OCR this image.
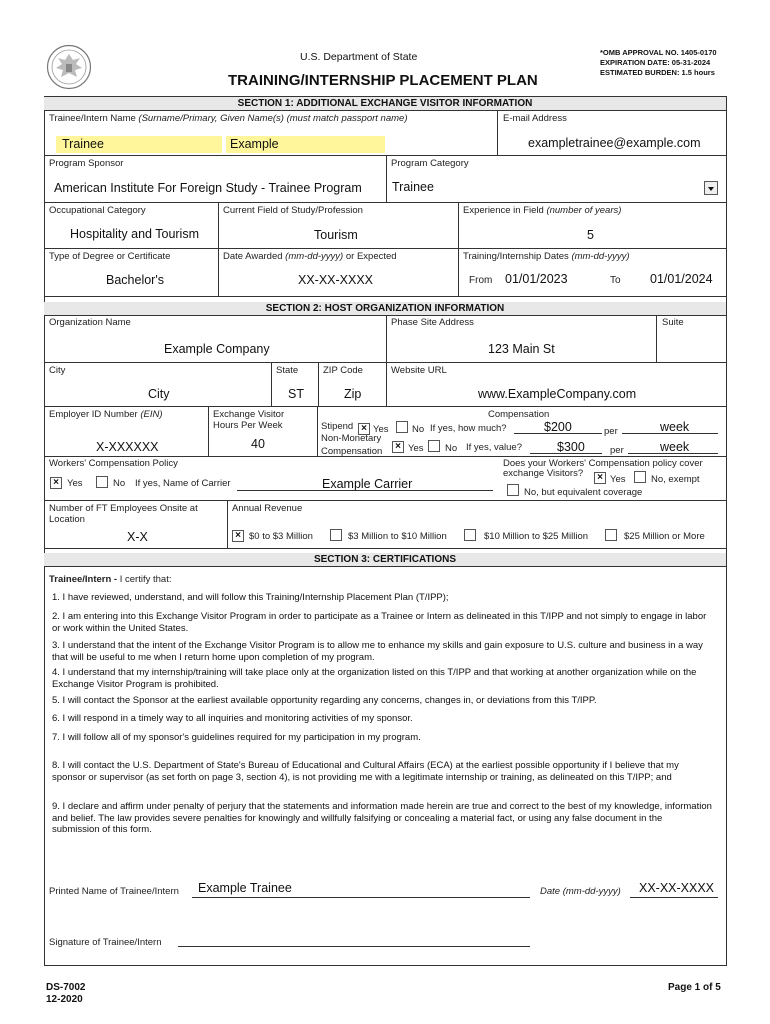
U.S. Department of State
TRAINING/INTERNSHIP PLACEMENT PLAN
*OMB APPROVAL NO. 1405-0170
EXPIRATION DATE: 05-31-2024
ESTIMATED BURDEN: 1.5 hours
SECTION 1: ADDITIONAL EXCHANGE VISITOR INFORMATION
Trainee/Intern Name (Surname/Primary, Given Name(s) (must match passport name)
Trainee	Example
E-mail Address
exampletrainee@example.com
Program Sponsor
American Institute For Foreign Study - Trainee Program
Program Category
Trainee
Occupational Category
Hospitality and Tourism
Current Field of Study/Profession
Tourism
Experience in Field (number of years)
5
Type of Degree or Certificate
Bachelor's
Date Awarded (mm-dd-yyyy) or Expected
XX-XX-XXXX
Training/Internship Dates (mm-dd-yyyy)
From 01/01/2023	To 01/01/2024
SECTION 2: HOST ORGANIZATION INFORMATION
Organization Name
Example Company
Phase Site Address
123 Main St
Suite
City
City
State
ST
ZIP Code
Zip
Website URL
www.ExampleCompany.com
Employer ID Number (EIN)
X-XXXXXX
Exchange Visitor
Hours Per Week
40
Compensation
Stipend × Yes No If yes, how much?	$200	per	week
Non-Monetary
Compensation	× Yes No If yes, value?	$300	per	week
Workers' Compensation Policy
× Yes	No If yes, Name of Carrier	Example Carrier
Does your Workers' Compensation policy cover
exchange Visitors?	× Yes	No, exempt
No, but equivalent coverage
Number of FT Employees Onsite at
Location
X-X
Annual Revenue
× $0 to $3 Million	$3 Million to $10 Million	$10 Million to $25 Million	$25 Million or More
SECTION 3: CERTIFICATIONS
Trainee/Intern - I certify that:
1. I have reviewed, understand, and will follow this Training/Internship Placement Plan (T/IPP);
2. I am entering into this Exchange Visitor Program in order to participate as a Trainee or Intern as delineated in this T/IPP and not simply to engage in labor or work within the United States.
3. I understand that the intent of the Exchange Visitor Program is to allow me to enhance my skills and gain exposure to U.S. culture and business in a way that will be useful to me when I return home upon completion of my program.
4. I understand that my internship/training will take place only at the organization listed on this T/IPP and that working at another organization while on the Exchange Visitor Program is prohibited.
5. I will contact the Sponsor at the earliest available opportunity regarding any concerns, changes in, or deviations from this T/IPP.
6. I will respond in a timely way to all inquiries and monitoring activities of my sponsor.
7. I will follow all of my sponsor's guidelines required for my participation in my program.
8. I will contact the U.S. Department of State's Bureau of Educational and Cultural Affairs (ECA) at the earliest possible opportunity if I believe that my sponsor or supervisor (as set forth on page 3, section 4), is not providing me with a legitimate internship or training, as delineated on this T/IPP; and
9. I declare and affirm under penalty of perjury that the statements and information made herein are true and correct to the best of my knowledge, information and belief. The law provides severe penalties for knowingly and willfully falsifying or concealing a material fact, or using any false document in the submission of this form.
Printed Name of Trainee/Intern Example Trainee	Date (mm-dd-yyyy) XX-XX-XXXX
Signature of Trainee/Intern
DS-7002
12-2020
Page 1 of 5
